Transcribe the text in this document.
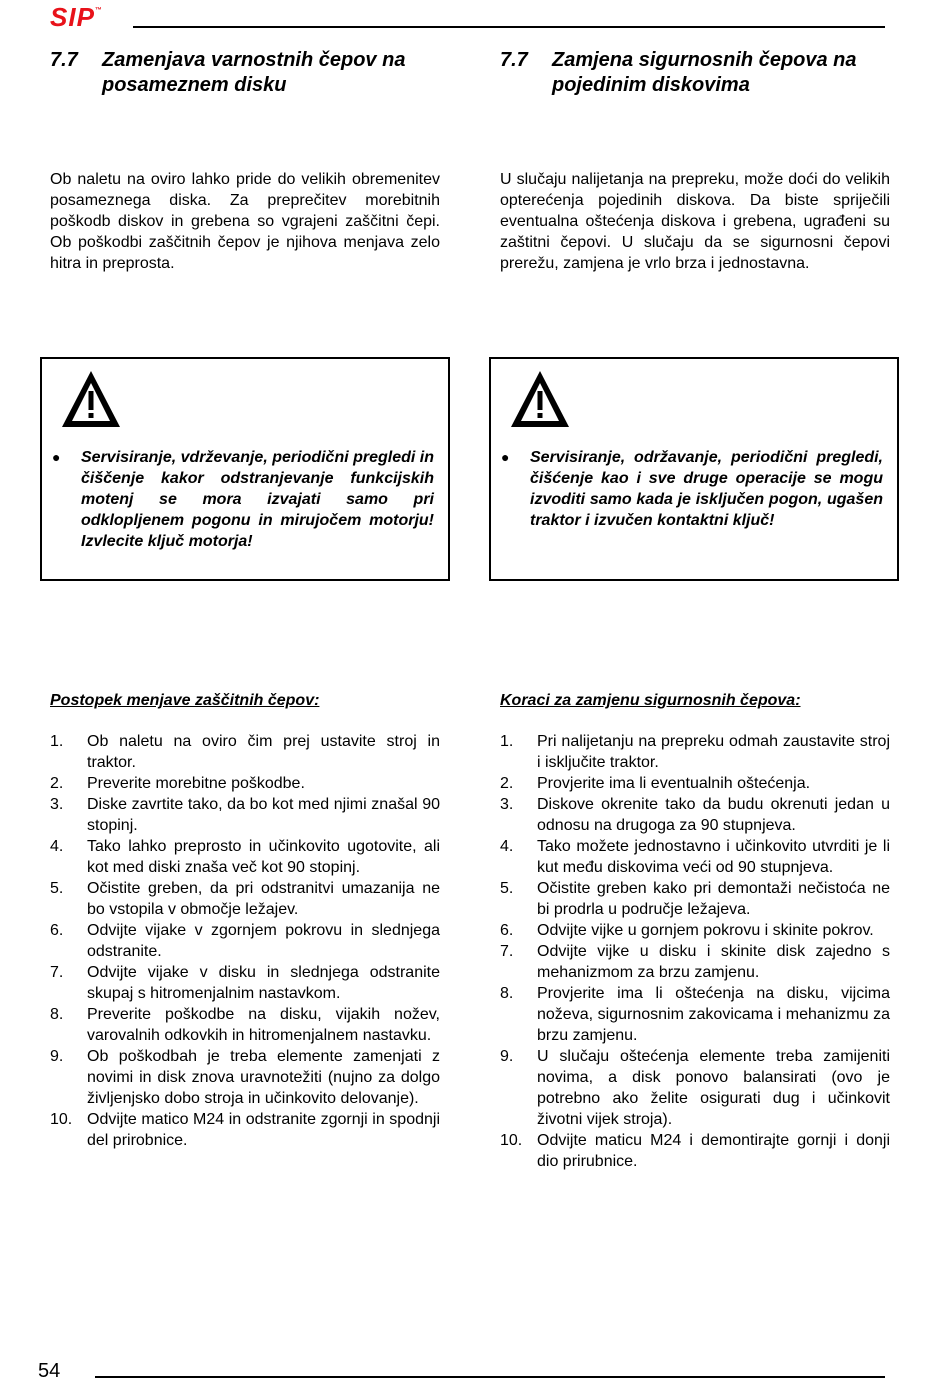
SIP™
7.7	Zamenjava varnostnih čepov na posameznem disku
Ob naletu na oviro lahko pride do velikih obremenitev posameznega diska. Za preprečitev morebitnih poškodb diskov in grebena so vgrajeni zaščitni čepi. Ob poškodbi zaščitnih čepov je njihova menjava zelo hitra in preprosta.
●	Servisiranje, vdrževanje, periodični pregledi in čiščenje kakor odstranjevanje funkcijskih motenj se mora izvajati samo pri odklopljenem pogonu in mirujočem motorju! Izvlecite ključ motorja!
Postopek menjave zaščitnih čepov:
1.	Ob naletu na oviro čim prej ustavite stroj in traktor.
2.	Preverite morebitne poškodbe.
3.	Diske zavrtite tako, da bo kot med njimi znašal 90 stopinj.
4.	Tako lahko preprosto in učinkovito ugotovite, ali kot med diski znaša več kot 90 stopinj.
5.	Očistite greben, da pri odstranitvi umazanija ne bo vstopila v območje ležajev.
6.	Odvijte vijake v zgornjem pokrovu in slednjega odstranite.
7.	Odvijte vijake v disku in slednjega odstranite skupaj s hitromenjalnim nastavkom.
8.	Preverite poškodbe na disku, vijakih nožev, varovalnih odkovkih in hitromenjalnem nastavku.
9.	Ob poškodbah je treba elemente zamenjati z novimi in disk znova uravnotežiti (nujno za dolgo življenjsko dobo stroja in učinkovito delovanje).
10. Odvijte matico M24 in odstranite zgornji in spodnji del prirobnice.
7.7	Zamjena sigurnosnih čepova na pojedinim diskovima
U slučaju nalijetanja na prepreku, može doći do velikih opterećenja pojedinih diskova. Da biste spriječili eventualna oštećenja diskova i grebena, ugrađeni su zaštitni čepovi. U slučaju da se sigurnosni čepovi prerežu, zamjena je vrlo brza i jednostavna.
●	Servisiranje, održavanje, periodični pregledi, čišćenje kao i sve druge operacije se mogu izvoditi samo kada je isključen pogon, ugašen traktor i izvučen kontaktni ključ!
Koraci za zamjenu sigurnosnih čepova:
1.	Pri nalijetanju na prepreku odmah zaustavite stroj i isključite traktor.
2.	Provjerite ima li eventualnih oštećenja.
3.	Diskove okrenite tako da budu okrenuti jedan u odnosu na drugoga za 90 stupnjeva.
4.	Tako možete jednostavno i učinkovito utvrditi je li kut među diskovima veći od 90 stupnjeva.
5.	Očistite greben kako pri demontaži nečistoća ne bi prodrla u područje ležajeva.
6.	Odvijte vijke u gornjem pokrovu i skinite pokrov.
7.	Odvijte vijke u disku i skinite disk zajedno s mehanizmom za brzu zamjenu.
8.	Provjerite ima li oštećenja na disku, vijcima noževa, sigurnosnim zakovicama i mehanizmu za brzu zamjenu.
9.	U slučaju oštećenja elemente treba zamijeniti novima, a disk ponovo balansirati (ovo je potrebno ako želite osigurati dug i učinkovit životni vijek stroja).
10. Odvijte maticu M24 i demontirajte gornji i donji dio prirubnice.
54
